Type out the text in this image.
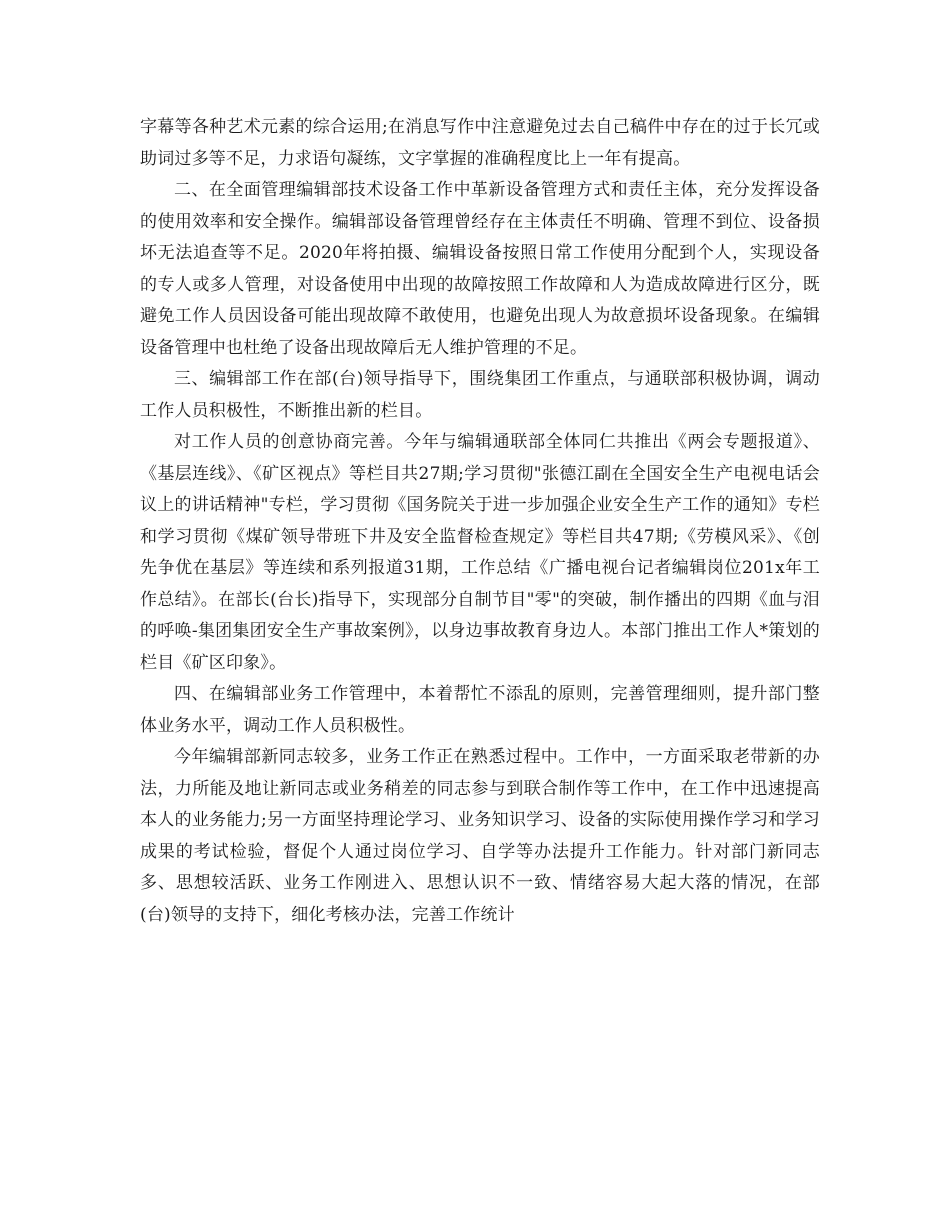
字幕等各种艺术元素的综合运用;在消息写作中注意避免过去自己稿件中存在的过于长冗或助词过多等不足，力求语句凝练，文字掌握的准确程度比上一年有提高。

二、在全面管理编辑部技术设备工作中革新设备管理方式和责任主体，充分发挥设备的使用效率和安全操作。编辑部设备管理曾经存在主体责任不明确、管理不到位、设备损坏无法追查等不足。2020年将拍摄、编辑设备按照日常工作使用分配到个人，实现设备的专人或多人管理，对设备使用中出现的故障按照工作故障和人为造成故障进行区分，既避免工作人员因设备可能出现故障不敢使用，也避免出现人为故意损坏设备现象。在编辑设备管理中也杜绝了设备出现故障后无人维护管理的不足。

三、编辑部工作在部(台)领导指导下，围绕集团工作重点，与通联部积极协调，调动工作人员积极性，不断推出新的栏目。

对工作人员的创意协商完善。今年与编辑通联部全体同仁共推出《两会专题报道》、《基层连线》、《矿区视点》等栏目共27期;学习贯彻"张德江副在全国安全生产电视电话会议上的讲话精神"专栏，学习贯彻《国务院关于进一步加强企业安全生产工作的通知》专栏和学习贯彻《煤矿领导带班下井及安全监督检查规定》等栏目共47期;《劳模风采》、《创先争优在基层》等连续和系列报道31期，工作总结《广播电视台记者编辑岗位201x年工作总结》。在部长(台长)指导下，实现部分自制节目"零"的突破，制作播出的四期《血与泪的呼唤-集团集团安全生产事故案例》，以身边事故教育身边人。本部门推出工作人*策划的栏目《矿区印象》。

四、在编辑部业务工作管理中，本着帮忙不添乱的原则，完善管理细则，提升部门整体业务水平，调动工作人员积极性。

今年编辑部新同志较多，业务工作正在熟悉过程中。工作中，一方面采取老带新的办法，力所能及地让新同志或业务稍差的同志参与到联合制作等工作中，在工作中迅速提高本人的业务能力;另一方面坚持理论学习、业务知识学习、设备的实际使用操作学习和学习成果的考试检验，督促个人通过岗位学习、自学等办法提升工作能力。针对部门新同志多、思想较活跃、业务工作刚进入、思想认识不一致、情绪容易大起大落的情况，在部(台)领导的支持下，细化考核办法，完善工作统计
